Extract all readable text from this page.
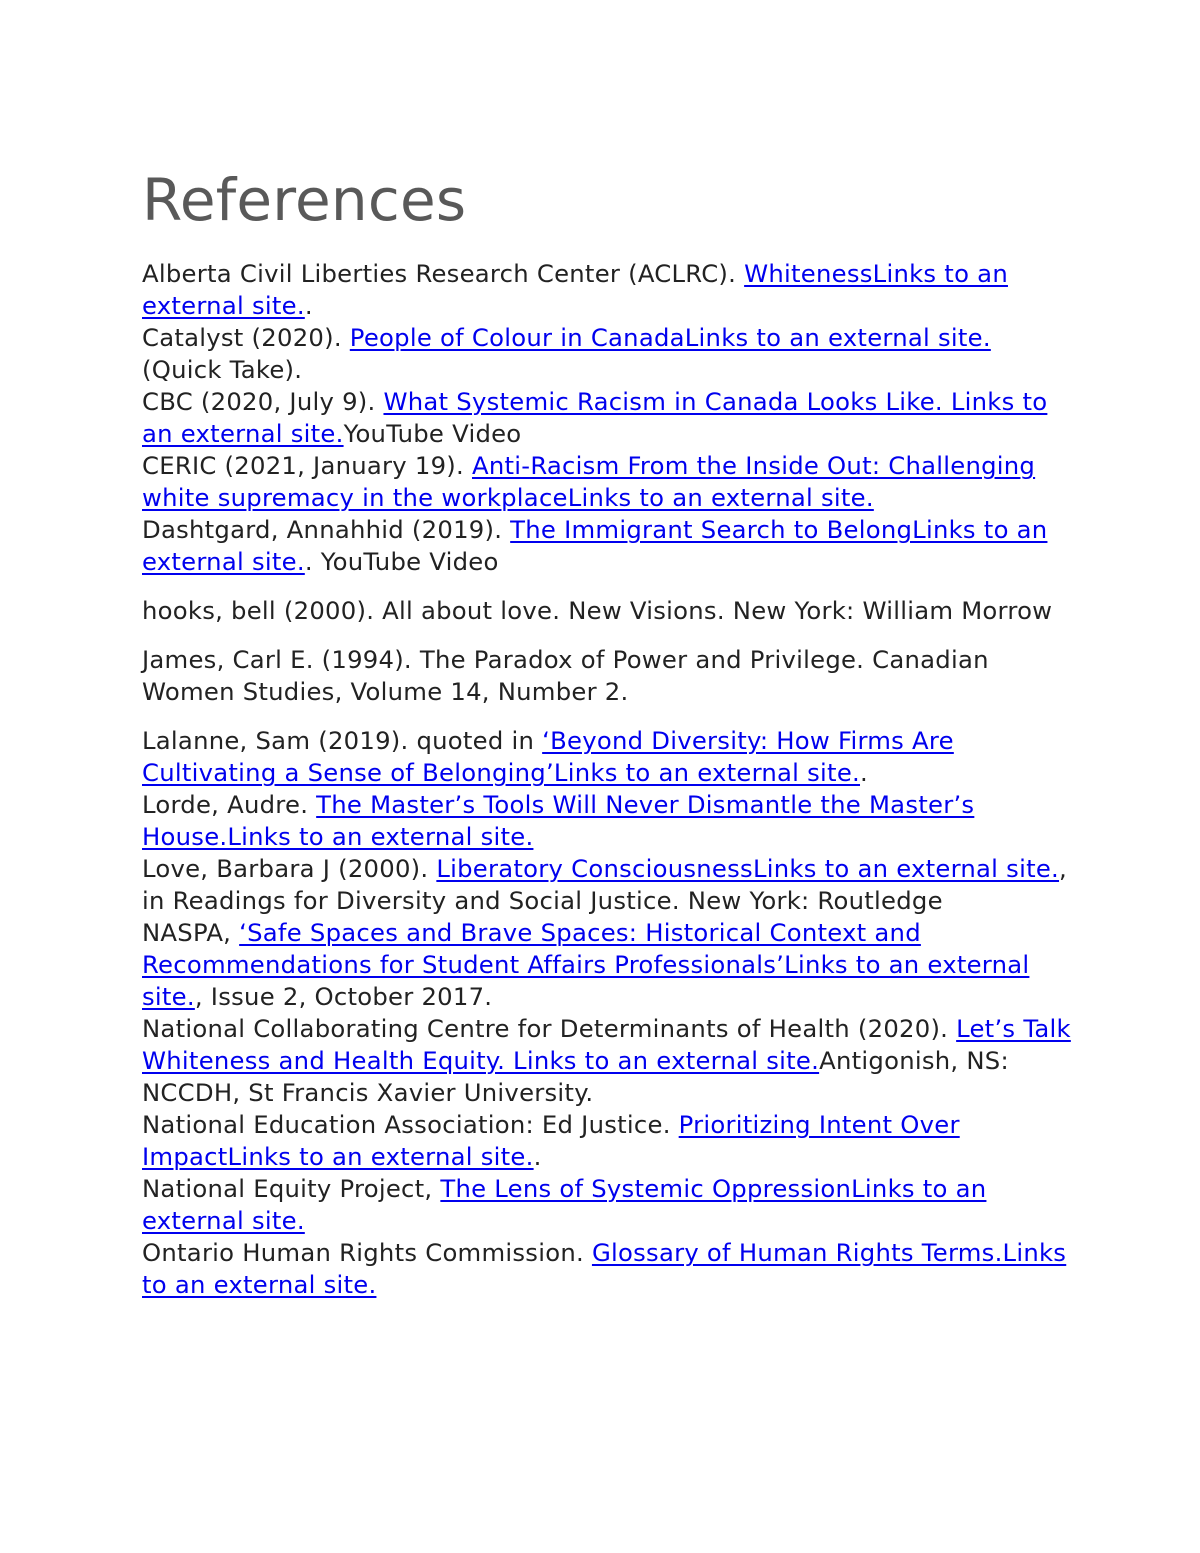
References

Alberta Civil Liberties Research Center (ACLRC). WhitenessLinks to an external site..

Catalyst (2020). People of Colour in CanadaLinks to an external site. (Quick Take).

CBC (2020, July 9). What Systemic Racism in Canada Looks Like. Links to an external site.YouTube Video

CERIC (2021, January 19). Anti-Racism From the Inside Out: Challenging white supremacy in the workplaceLinks to an external site.

Dashtgard, Annahhid (2019). The Immigrant Search to BelongLinks to an external site.. YouTube Video

hooks, bell (2000). All about love. New Visions. New York: William Morrow

James, Carl E. (1994). The Paradox of Power and Privilege. Canadian Women Studies, Volume 14, Number 2.

Lalanne, Sam (2019). quoted in ‘Beyond Diversity: How Firms Are Cultivating a Sense of Belonging’Links to an external site..

Lorde, Audre. The Master’s Tools Will Never Dismantle the Master’s House.Links to an external site.

Love, Barbara J (2000). Liberatory ConsciousnessLinks to an external site., in Readings for Diversity and Social Justice. New York: Routledge

NASPA, ‘Safe Spaces and Brave Spaces: Historical Context and Recommendations for Student Affairs Professionals’Links to an external site., Issue 2, October 2017.

National Collaborating Centre for Determinants of Health (2020). Let’s Talk Whiteness and Health Equity. Links to an external site.Antigonish, NS: NCCDH, St Francis Xavier University.

National Education Association: Ed Justice. Prioritizing Intent Over ImpactLinks to an external site..

National Equity Project, The Lens of Systemic OppressionLinks to an external site.

Ontario Human Rights Commission. Glossary of Human Rights Terms.Links to an external site.
